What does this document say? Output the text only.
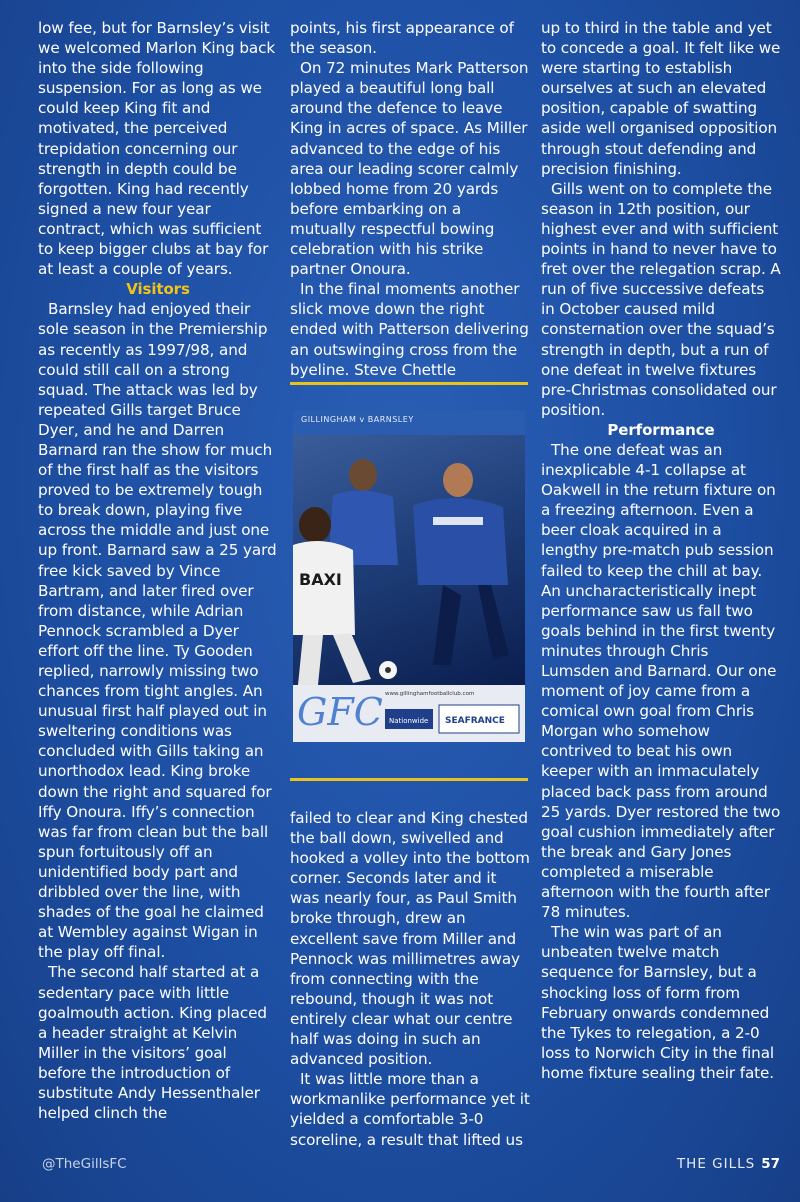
low fee, but for Barnsley’s visit we welcomed Marlon King back into the side following suspension. For as long as we could keep King fit and motivated, the perceived trepidation concerning our strength in depth could be forgotten. King had recently signed a new four year contract, which was sufficient to keep bigger clubs at bay for at least a couple of years.

Visitors

Barnsley had enjoyed their sole season in the Premiership as recently as 1997/98, and could still call on a strong squad. The attack was led by repeated Gills target Bruce Dyer, and he and Darren Barnard ran the show for much of the first half as the visitors proved to be extremely tough to break down, playing five across the middle and just one up front. Barnard saw a 25 yard free kick saved by Vince Bartram, and later fired over from distance, while Adrian Pennock scrambled a Dyer effort off the line. Ty Gooden replied, narrowly missing two chances from tight angles. An unusual first half played out in sweltering conditions was concluded with Gills taking an unorthodox lead. King broke down the right and squared for Iffy Onoura. Iffy’s connection was far from clean but the ball spun fortuitously off an unidentified body part and dribbled over the line, with shades of the goal he claimed at Wembley against Wigan in the play off final.

The second half started at a sedentary pace with little goalmouth action. King placed a header straight at Kelvin Miller in the visitors’ goal before the introduction of substitute Andy Hessenthaler helped clinch the

points, his first appearance of the season.

On 72 minutes Mark Patterson played a beautiful long ball around the defence to leave King in acres of space. As Miller advanced to the edge of his area our leading scorer calmly lobbed home from 20 yards before embarking on a mutually respectful bowing celebration with his strike partner Onoura.

In the final moments another slick move down the right ended with Patterson delivering an outswinging cross from the byeline. Steve Chettle

GILLINGHAM v BARNSLEY
BAXI
GFC www.gillinghamfootballclub.com
Nationwide SEAFRANCE

failed to clear and King chested the ball down, swivelled and hooked a volley into the bottom corner. Seconds later and it was nearly four, as Paul Smith broke through, drew an excellent save from Miller and Pennock was millimetres away from connecting with the rebound, though it was not entirely clear what our centre half was doing in such an advanced position.

It was little more than a workmanlike performance yet it yielded a comfortable 3-0 scoreline, a result that lifted us

up to third in the table and yet to concede a goal. It felt like we were starting to establish ourselves at such an elevated position, capable of swatting aside well organised opposition through stout defending and precision finishing.

Gills went on to complete the season in 12th position, our highest ever and with sufficient points in hand to never have to fret over the relegation scrap. A run of five successive defeats in October caused mild consternation over the squad’s strength in depth, but a run of one defeat in twelve fixtures pre-Christmas consolidated our position.

Performance

The one defeat was an inexplicable 4-1 collapse at Oakwell in the return fixture on a freezing afternoon. Even a beer cloak acquired in a lengthy pre-match pub session failed to keep the chill at bay. An uncharacteristically inept performance saw us fall two goals behind in the first twenty minutes through Chris Lumsden and Barnard. Our one moment of joy came from a comical own goal from Chris Morgan who somehow contrived to beat his own keeper with an immaculately placed back pass from around 25 yards. Dyer restored the two goal cushion immediately after the break and Gary Jones completed a miserable afternoon with the fourth after 78 minutes.

The win was part of an unbeaten twelve match sequence for Barnsley, but a shocking loss of form from February onwards condemned the Tykes to relegation, a 2-0 loss to Norwich City in the final home fixture sealing their fate.

@TheGillsFC	THE GILLS 57
